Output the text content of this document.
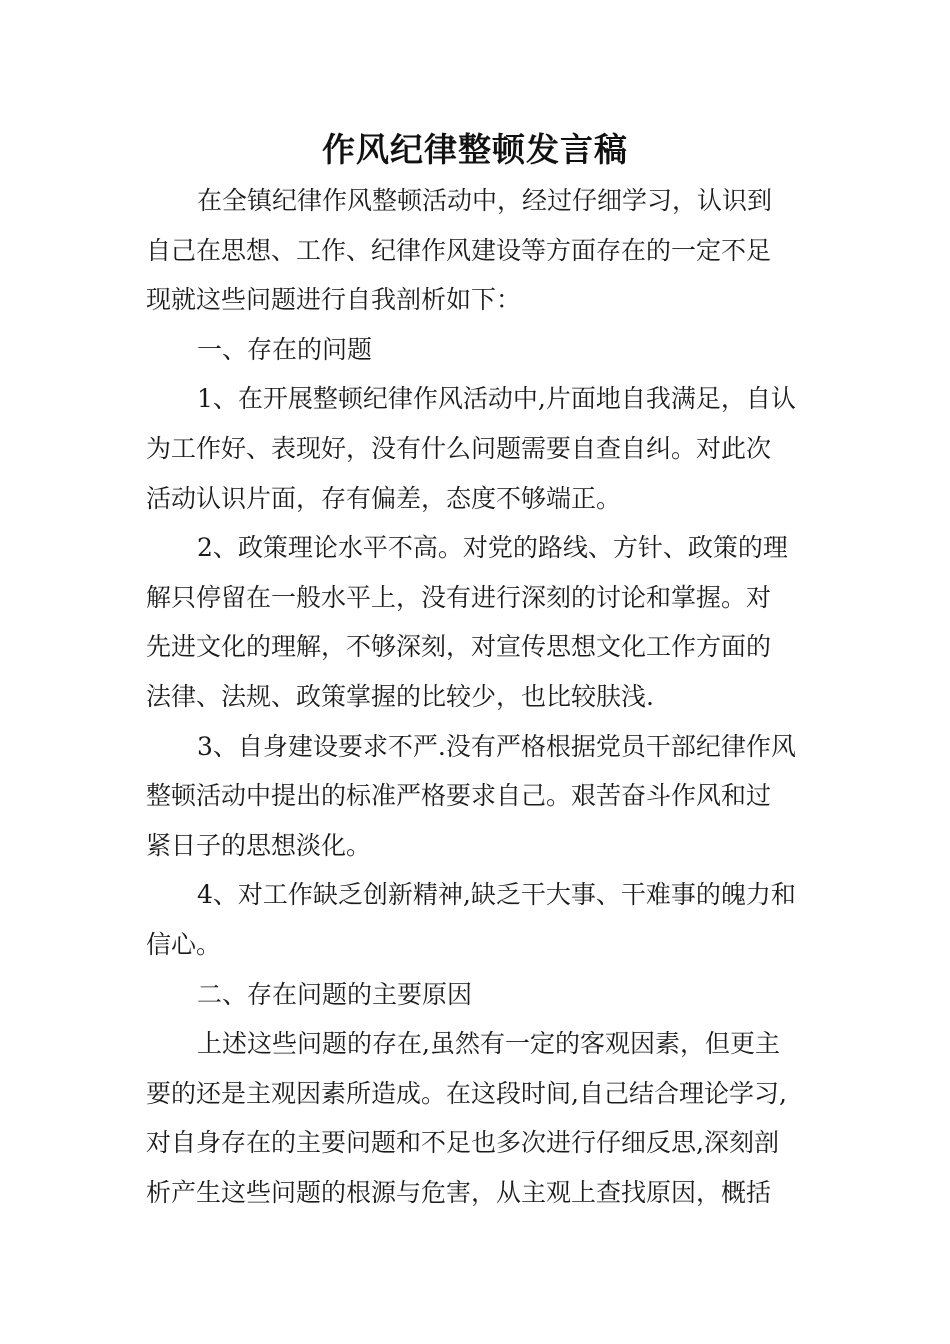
作风纪律整顿发言稿
在全镇纪律作风整顿活动中，经过仔细学习，认识到
自己在思想、工作、纪律作风建设等方面存在的一定不足
现就这些问题进行自我剖析如下：
一、存在的问题
1、在开展整顿纪律作风活动中,片面地自我满足，自认
为工作好、表现好，没有什么问题需要自查自纠。对此次
活动认识片面，存有偏差，态度不够端正。
2、政策理论水平不高。对党的路线、方针、政策的理
解只停留在一般水平上，没有进行深刻的讨论和掌握。对
先进文化的理解，不够深刻，对宣传思想文化工作方面的
法律、法规、政策掌握的比较少，也比较肤浅.
3、自身建设要求不严.没有严格根据党员干部纪律作风
整顿活动中提出的标准严格要求自己。艰苦奋斗作风和过
紧日子的思想淡化。
4、对工作缺乏创新精神,缺乏干大事、干难事的魄力和
信心。
二、存在问题的主要原因
上述这些问题的存在,虽然有一定的客观因素，但更主
要的还是主观因素所造成。在这段时间,自己结合理论学习,
对自身存在的主要问题和不足也多次进行仔细反思,深刻剖
析产生这些问题的根源与危害，从主观上查找原因，概括
